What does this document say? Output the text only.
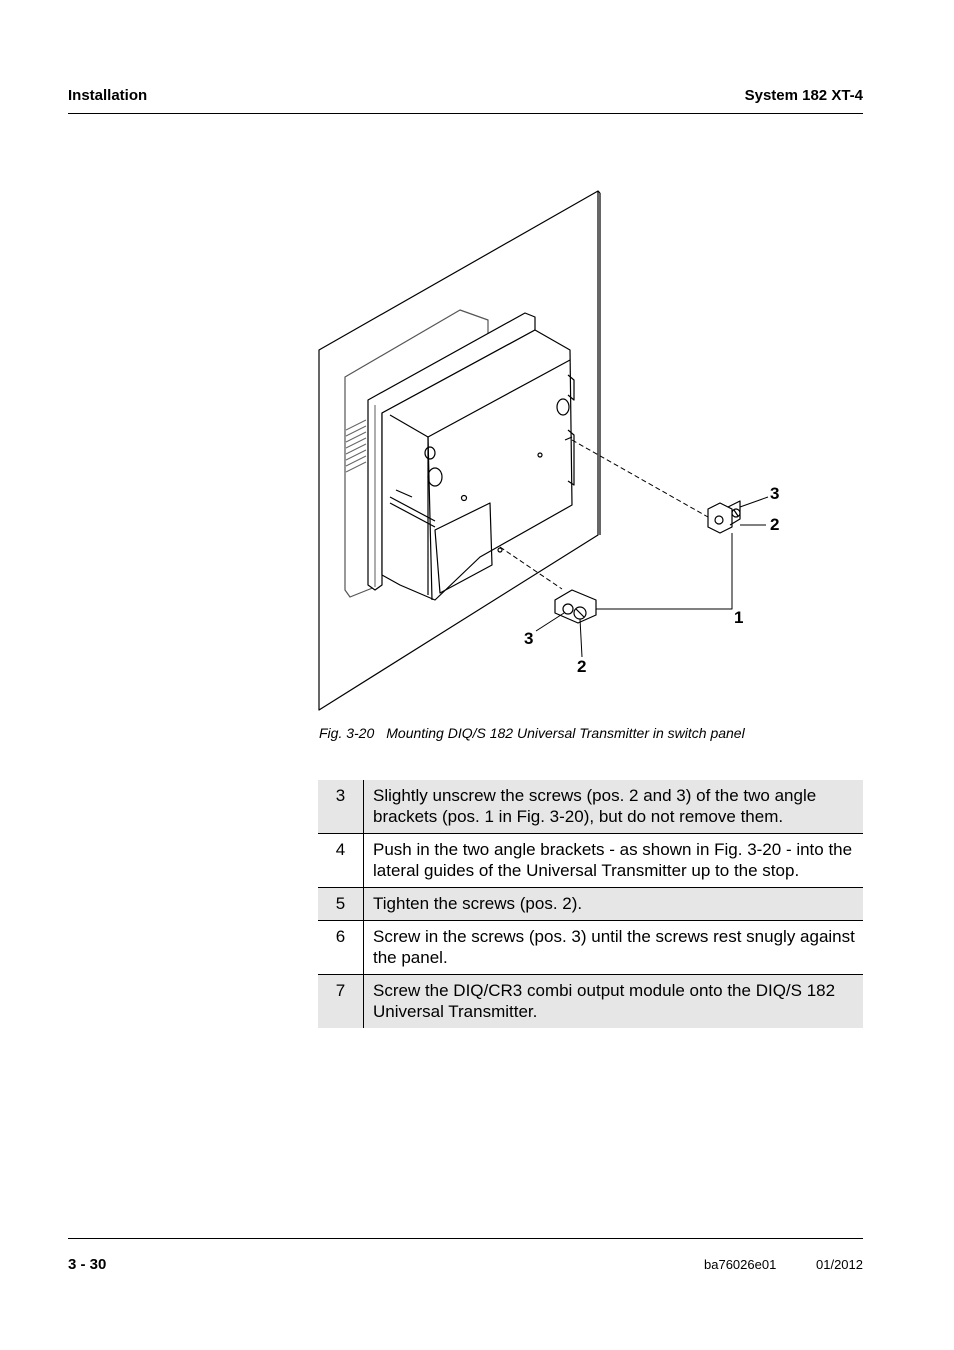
Installation	System 182 XT-4
3
2
1
3
2
Fig. 3-20 Mounting DIQ/S 182 Universal Transmitter in switch panel
3	Slightly unscrew the screws (pos. 2 and 3) of the two angle brackets (pos. 1 in Fig. 3-20), but do not remove them.
4	Push in the two angle brackets - as shown in Fig. 3-20 - into the lateral guides of the Universal Transmitter up to the stop.
5	Tighten the screws (pos. 2).
6	Screw in the screws (pos. 3) until the screws rest snugly against the panel.
7	Screw the DIQ/CR3 combi output module onto the DIQ/S 182 Universal Transmitter.
3 - 30	ba76026e01	01/2012
